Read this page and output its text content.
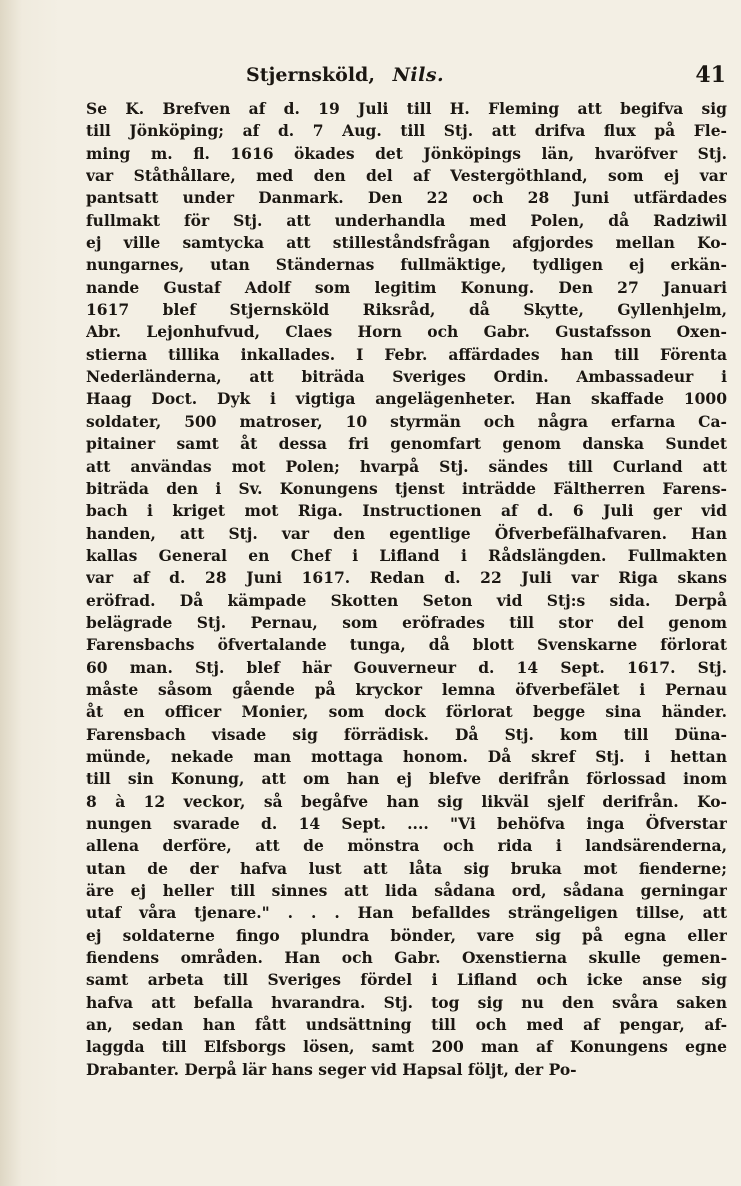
Stjernsköld, Nils.	41
Se K. Brefven af d. 19 Juli till H. Fleming att begifva sig
till Jönköping; af d. 7 Aug. till Stj. att drifva flux på Fle-
ming m. fl. 1616 ökades det Jönköpings län, hvaröfver Stj.
var Ståthållare, med den del af Vestergöthland, som ej var
pantsatt under Danmark. Den 22 och 28 Juni utfärdades
fullmakt för Stj. att underhandla med Polen, då Radziwil
ej ville samtycka att stilleståndsfrågan afgjordes mellan Ko-
nungarnes, utan Ständernas fullmäktige, tydligen ej erkän-
nande Gustaf Adolf som legitim Konung. Den 27 Januari
1617 blef Stjernsköld Riksråd, då Skytte, Gyllenhjelm,
Abr. Lejonhufvud, Claes Horn och Gabr. Gustafsson Oxen-
stierna tillika inkallades. I Febr. affärdades han till Förenta
Nederländerna, att biträda Sveriges Ordin. Ambassadeur i
Haag Doct. Dyk i vigtiga angelägenheter. Han skaffade 1000
soldater, 500 matroser, 10 styrmän och några erfarna Ca-
pitainer samt åt dessa fri genomfart genom danska Sundet
att användas mot Polen; hvarpå Stj. sändes till Curland att
biträda den i Sv. Konungens tjenst inträdde Fältherren Farens-
bach i kriget mot Riga. Instructionen af d. 6 Juli ger vid
handen, att Stj. var den egentlige Öfverbefälhafvaren. Han
kallas General en Chef i Lifland i Rådslängden. Fullmakten
var af d. 28 Juni 1617. Redan d. 22 Juli var Riga skans
eröfrad. Då kämpade Skotten Seton vid Stj:s sida. Derpå
belägrade Stj. Pernau, som eröfrades till stor del genom
Farensbachs öfvertalande tunga, då blott Svenskarne förlorat
60 man. Stj. blef här Gouverneur d. 14 Sept. 1617. Stj.
måste såsom gående på kryckor lemna öfverbefälet i Pernau
åt en officer Monier, som dock förlorat begge sina händer.
Farensbach visade sig förrädisk. Då Stj. kom till Düna-
münde, nekade man mottaga honom. Då skref Stj. i hettan
till sin Konung, att om han ej blefve derifrån förlossad inom
8 à 12 veckor, så begåfve han sig likväl sjelf derifrån. Ko-
nungen svarade d. 14 Sept. .... "Vi behöfva inga Öfverstar
allena derföre, att de mönstra och rida i landsärenderna,
utan de der hafva lust att låta sig bruka mot fienderne;
äre ej heller till sinnes att lida sådana ord, sådana gerningar
utaf våra tjenare." . . . Han befalldes strängeligen tillse, att
ej soldaterne fingo plundra bönder, vare sig på egna eller
fiendens områden. Han och Gabr. Oxenstierna skulle gemen-
samt arbeta till Sveriges fördel i Lifland och icke anse sig
hafva att befalla hvarandra. Stj. tog sig nu den svåra saken
an, sedan han fått undsättning till och med af pengar, af-
laggda till Elfsborgs lösen, samt 200 man af Konungens egne
Drabanter. Derpå lär hans seger vid Hapsal följt, der Po-
